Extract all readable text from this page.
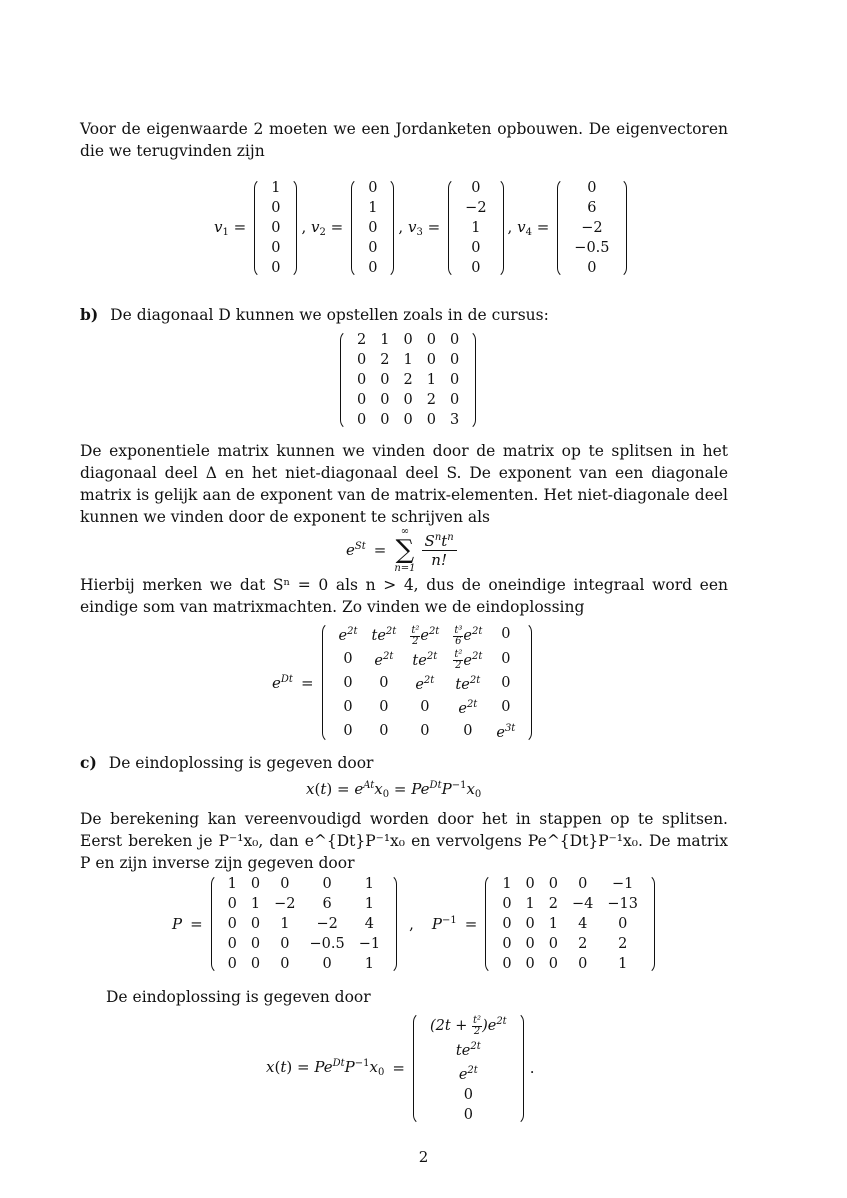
Voor de eigenwaarde 2 moeten we een Jordanketen opbouwen. De eigenvectoren die we terugvinden zijn

$v_1$ =
1
0
0
0
0
, $v_2$ =
0
1
0
0
0
, $v_3$ =
0
−2
1
0
0
, $v_4$ =
0
6
−2
−0.5
0

b) De diagonaal D kunnen we opstellen zoals in de cursus:

2	1	0	0	0
0	2	1	0	0
0	0	2	1	0
0	0	0	2	0
0	0	0	0	3

De exponentiele matrix kunnen we vinden door de matrix op te splitsen in het diagonaal deel Δ en het niet-diagonaal deel S. De exponent van een diagonale matrix is gelijk aan de exponent van de matrix-elementen. Het niet-diagonale deel kunnen we vinden door de exponent te schrijven als

$e^{St}$ =
∞
∑
n=1
$S^nt^n$
n!

Hierbij merken we dat Sⁿ = 0 als n > 4, dus de oneindige integraal word een eindige som van matrixmachten. Zo vinden we de eindoplossing

$e^{Dt}$ =
$e^{2t}$	$te^{2t}$	$\frac{\text{t²}}{2} e^{2t}$	$\frac{\text{t³}}{6} e^{2t}$	0
0	$e^{2t}$	$te^{2t}$	$\frac{\text{t²}}{2} e^{2t}$	0
0	0	$e^{2t}$	$te^{2t}$	0
0	0	0	$e^{2t}$	0
0	0	0	0	$e^{3t}$

c) De eindoplossing is gegeven door

$x(t) = e^{At}x_0 = Pe^{Dt}P^{-1}x_0$

De berekening kan vereenvoudigd worden door het in stappen op te splitsen. Eerst bereken je P⁻¹x₀, dan e^{Dt}P⁻¹x₀ en vervolgens Pe^{Dt}P⁻¹x₀. De matrix P en zijn inverse zijn gegeven door

P =
1	0	0	0	1
0	1	−2	6	1
0	0	1	−2	4
0	0	0	−0.5	−1
0	0	0	0	1
, $P^{-1}$ =
1	0	0	0	−1
0	1	2	−4	−13
0	0	1	4	0
0	0	0	2	2
0	0	0	0	1

De eindoplossing is gegeven door

$x(t) = Pe^{Dt}P^{-1}x_0$ =
$(2t + \frac{\text{t²}}{2} )e^{2t}$
$te^{2t}$
$e^{2t}$
0
0
.
2
